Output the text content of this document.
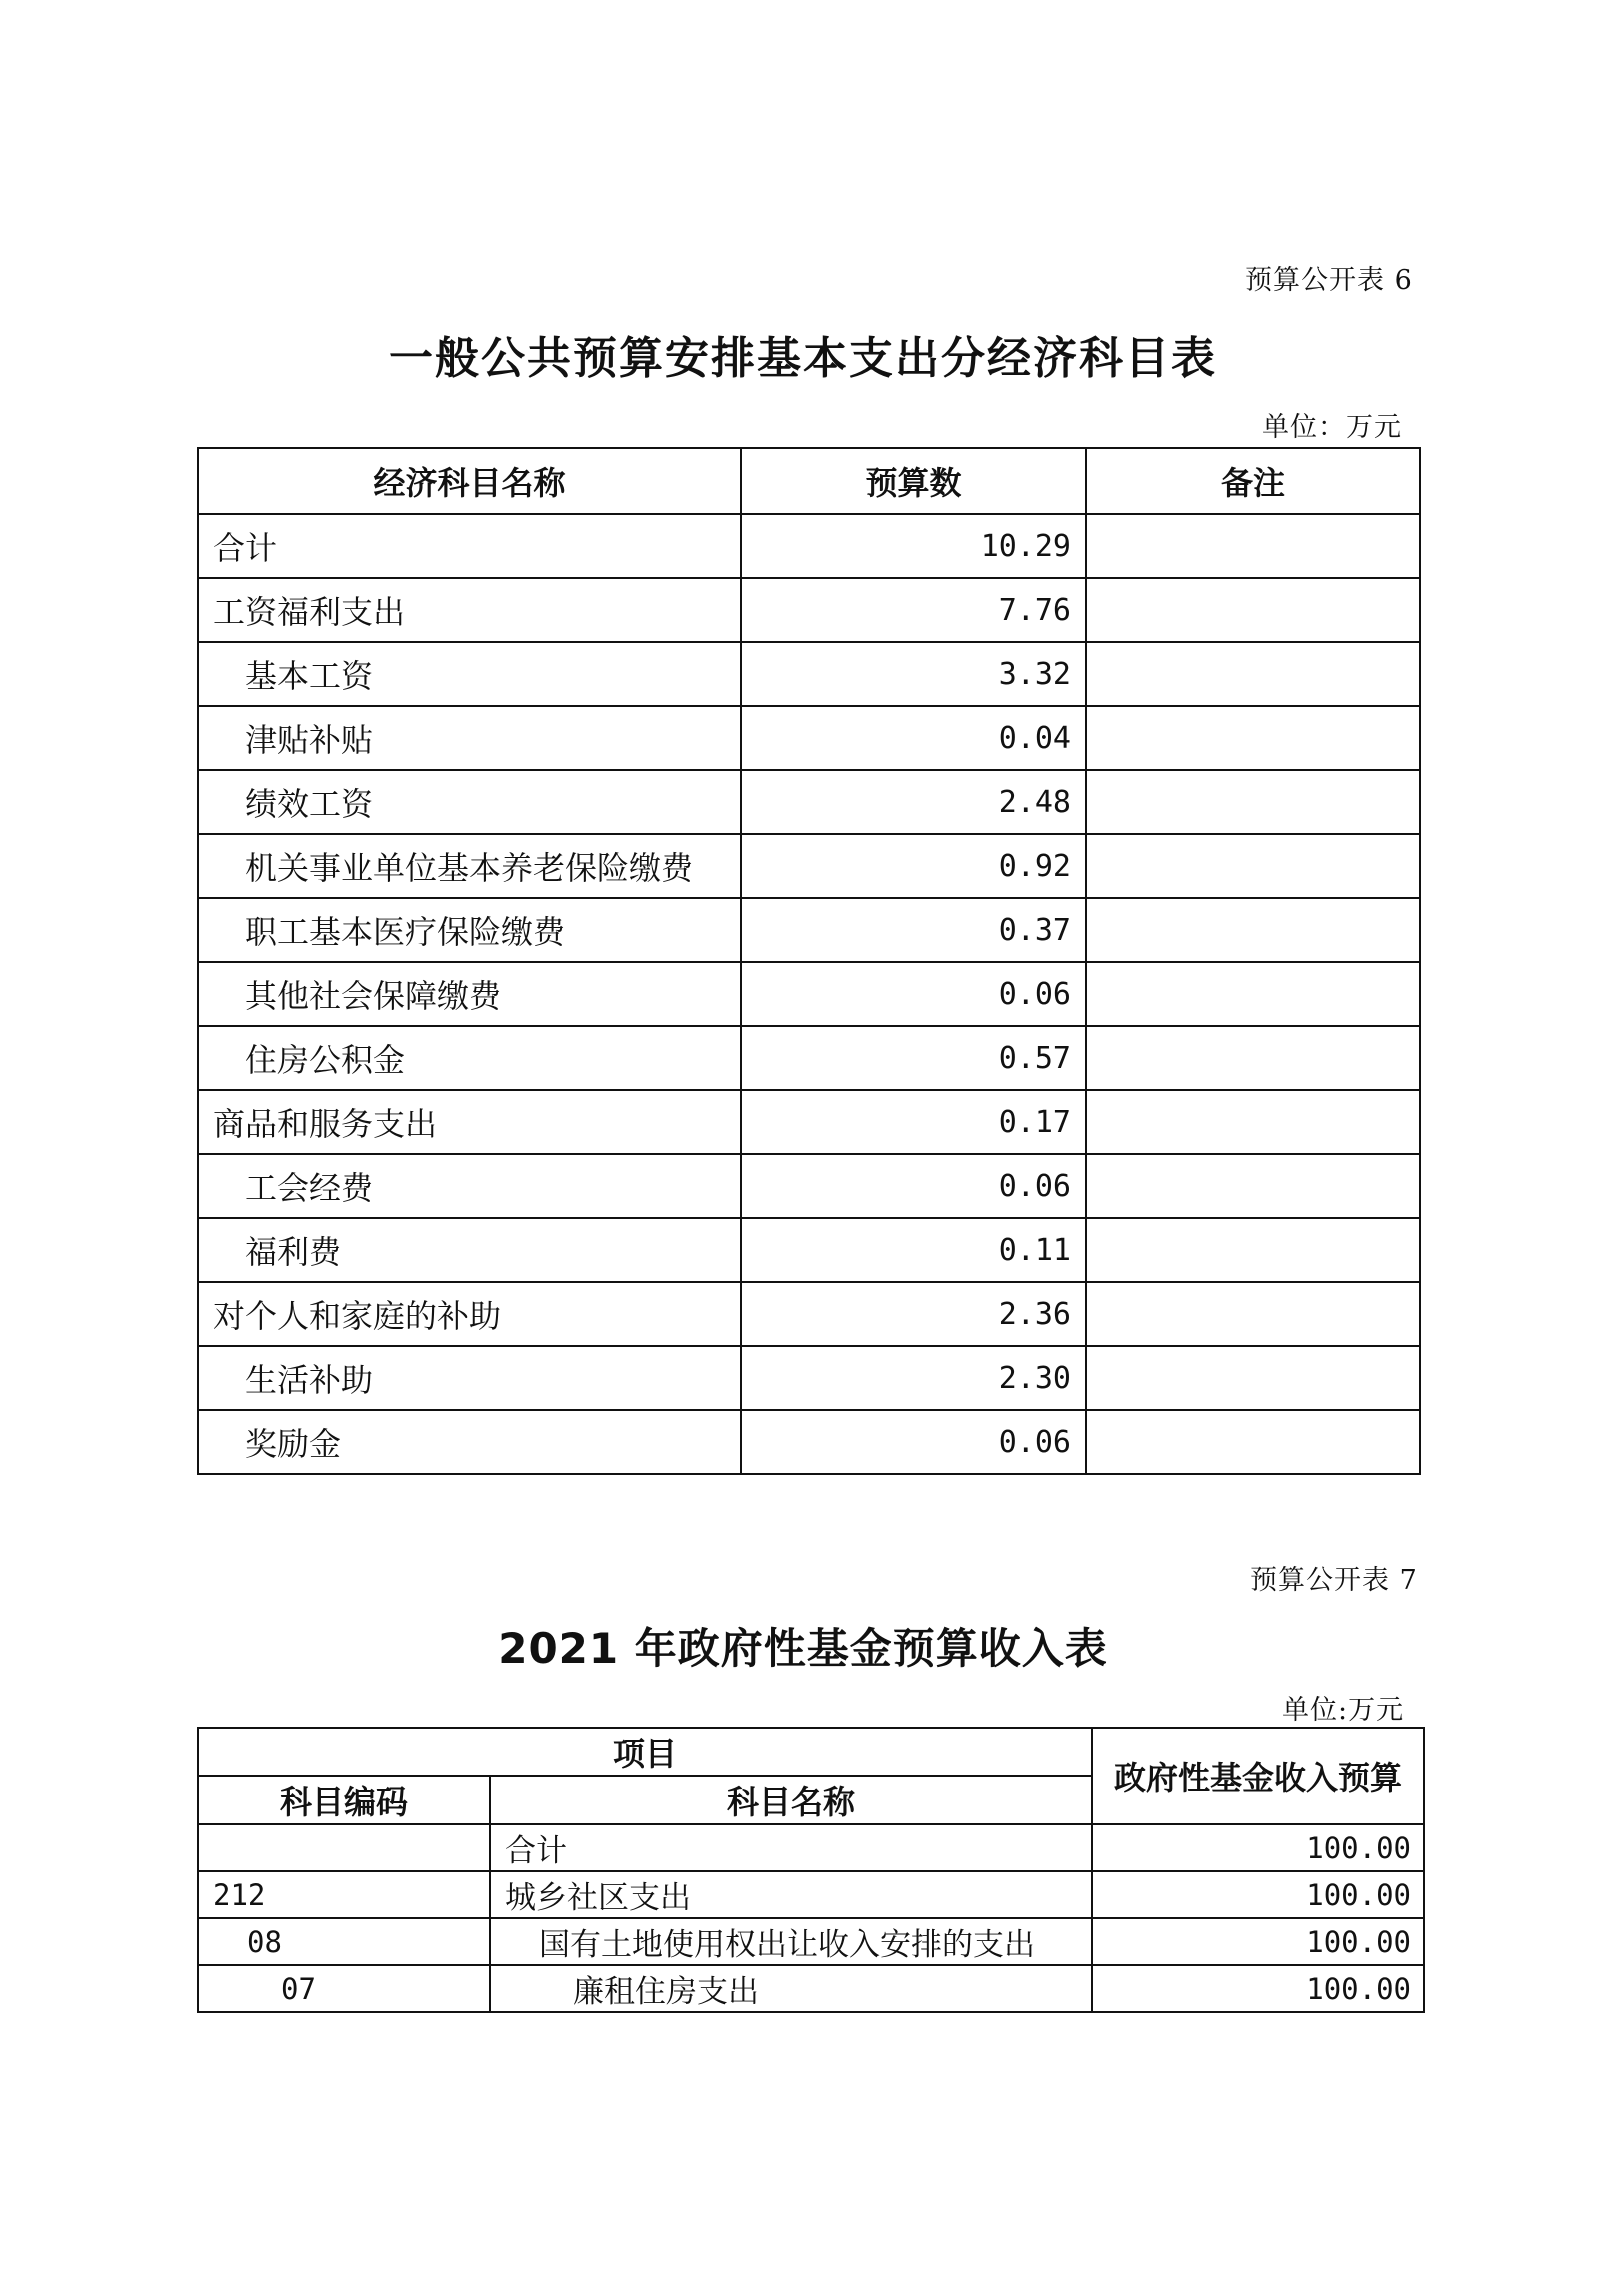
预算公开表 6
一般公共预算安排基本支出分经济科目表
单位：万元
经济科目名称	预算数	备注
合计	10.29	
工资福利支出	7.76	
基本工资	3.32	
津贴补贴	0.04	
绩效工资	2.48	
机关事业单位基本养老保险缴费	0.92	
职工基本医疗保险缴费	0.37	
其他社会保障缴费	0.06	
住房公积金	0.57	
商品和服务支出	0.17	
工会经费	0.06	
福利费	0.11	
对个人和家庭的补助	2.36	
生活补助	2.30	
奖励金	0.06	
预算公开表 7
2021 年政府性基金预算收入表
单位:万元
项目		政府性基金收入预算
科目编码	科目名称	
	合计	100.00
212	城乡社区支出	100.00
08	国有土地使用权出让收入安排的支出	100.00
07	廉租住房支出	100.00
